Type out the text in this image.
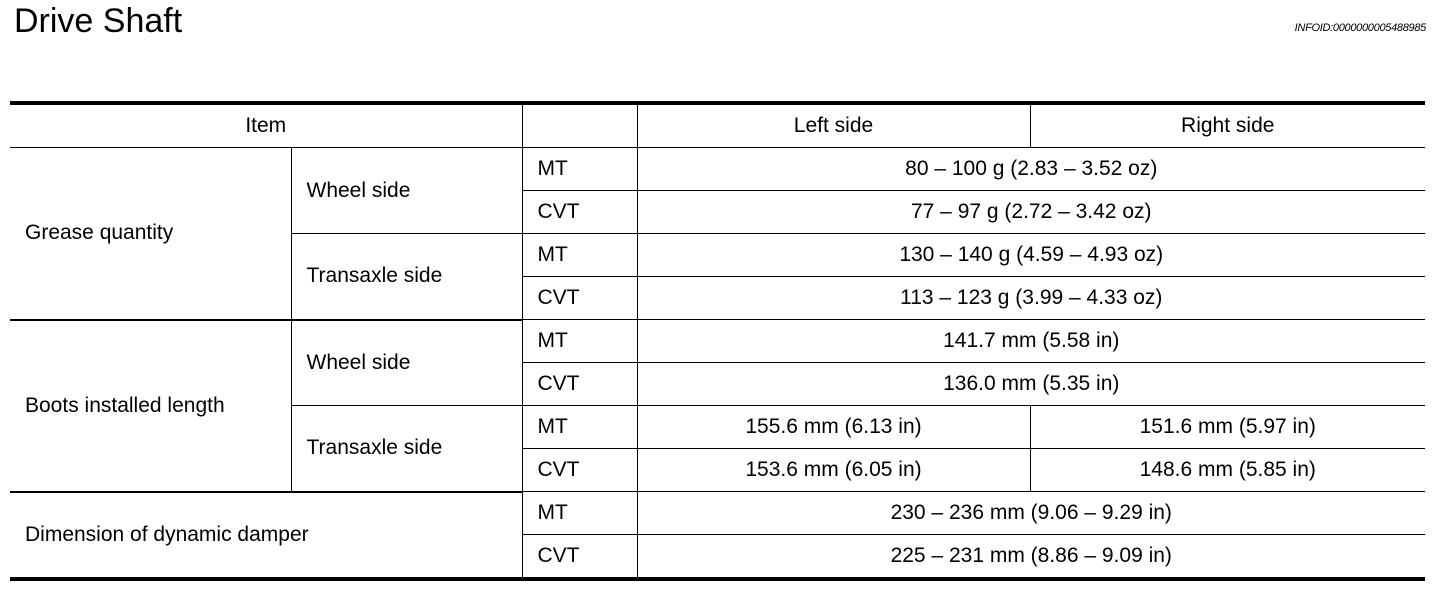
Drive Shaft	INFOID:0000000005488985
Item			Left side	Right side
Grease quantity	Wheel side	MT	80 – 100 g (2.83 – 3.52 oz)	
		CVT	77 – 97 g (2.72 – 3.42 oz)	
	Transaxle side	MT	130 – 140 g (4.59 – 4.93 oz)	
		CVT	113 – 123 g (3.99 – 4.33 oz)	
Boots installed length	Wheel side	MT	141.7 mm (5.58 in)	
		CVT	136.0 mm (5.35 in)	
	Transaxle side	MT	155.6 mm (6.13 in)	151.6 mm (5.97 in)
		CVT	153.6 mm (6.05 in)	148.6 mm (5.85 in)
Dimension of dynamic damper		MT	230 – 236 mm (9.06 – 9.29 in)	
		CVT	225 – 231 mm (8.86 – 9.09 in)	
